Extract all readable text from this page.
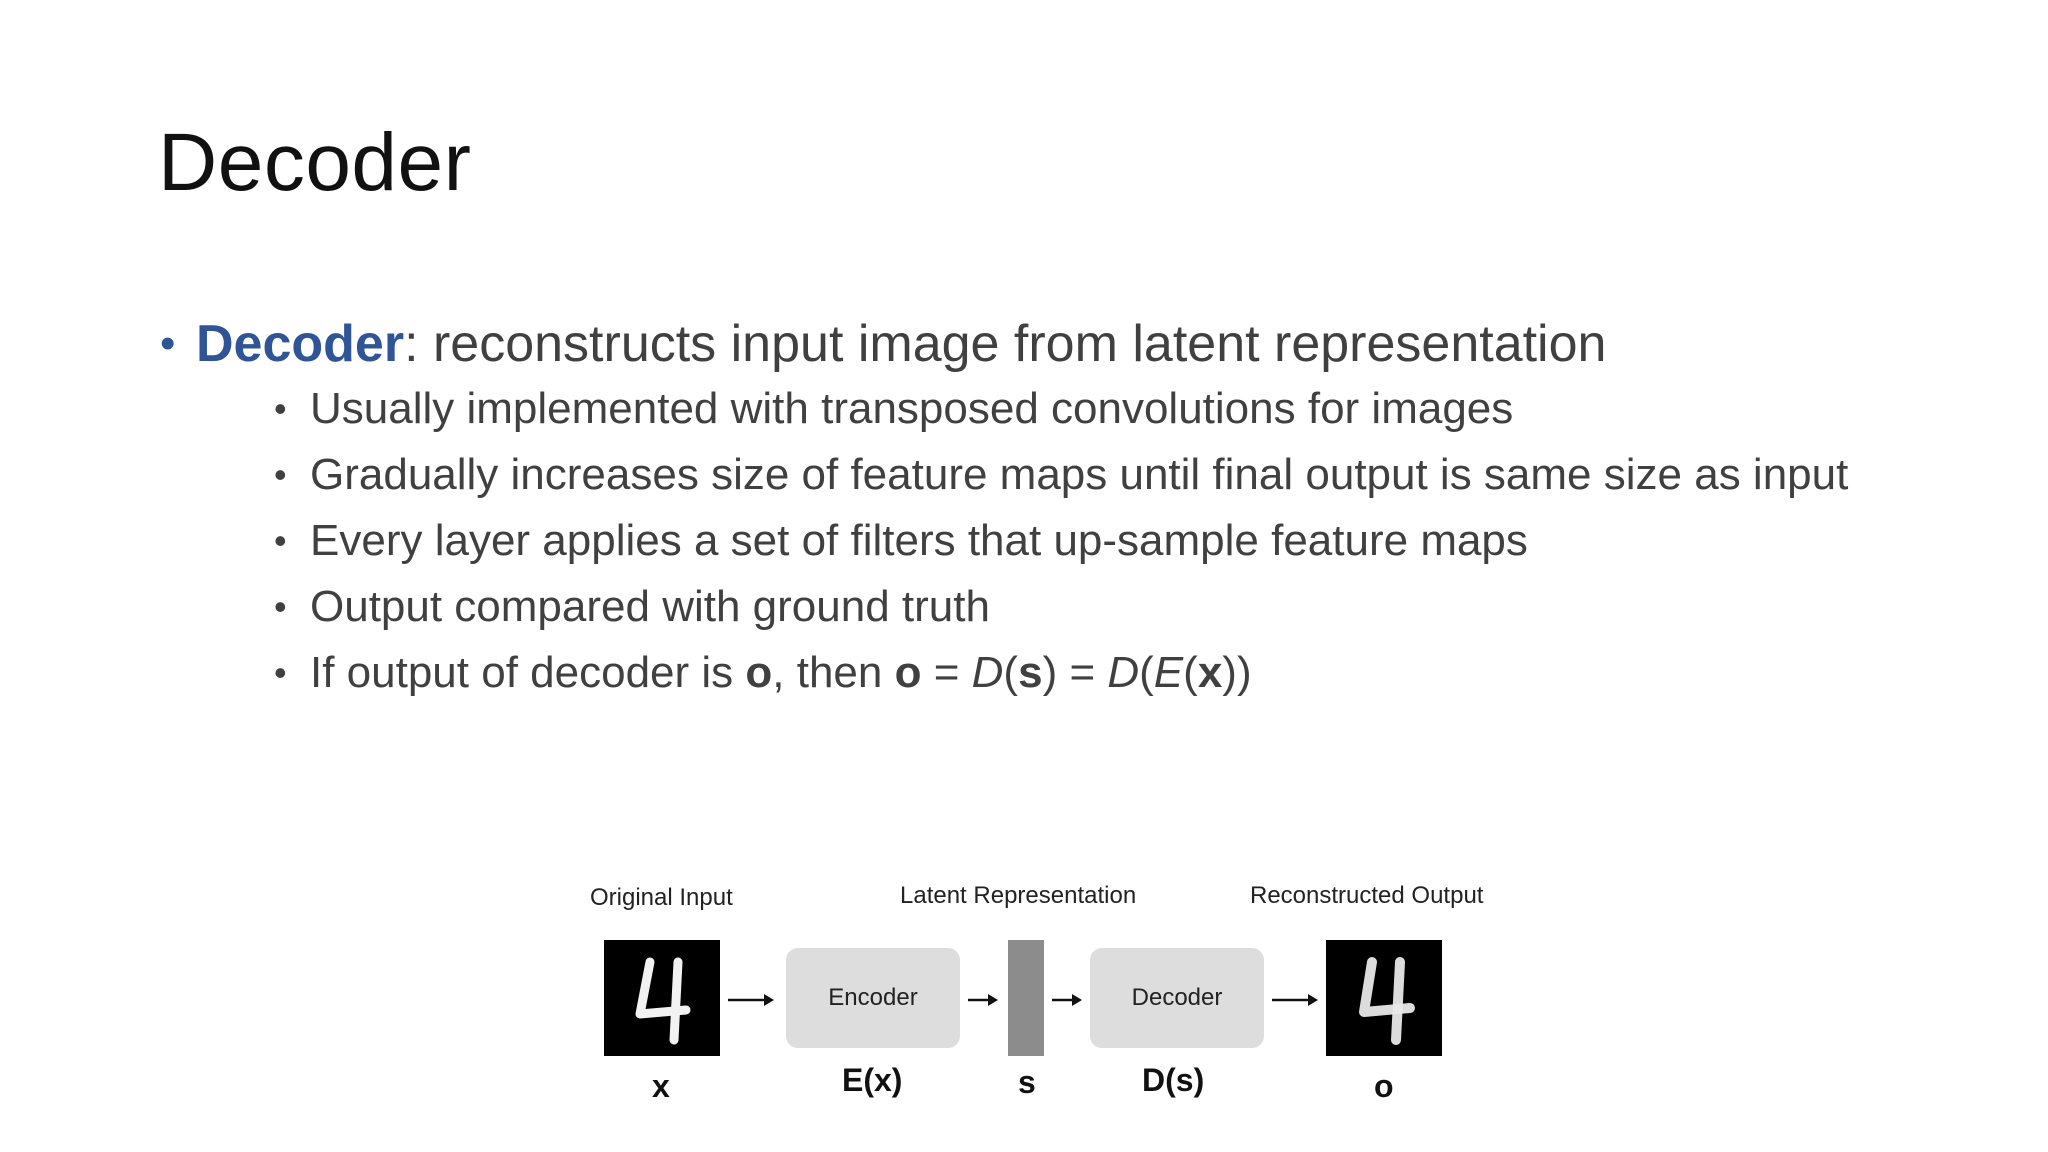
Decoder
• Decoder: reconstructs input image from latent representation
• Usually implemented with transposed convolutions for images
• Gradually increases size of feature maps until final output is same size as input
• Every layer applies a set of filters that up-sample feature maps
• Output compared with ground truth
• If output of decoder is o, then o = D(s) = D(E(x))
Original Input	Latent Representation	Reconstructed Output
Encoder	Decoder
x	E(x)	s	D(s)	o
